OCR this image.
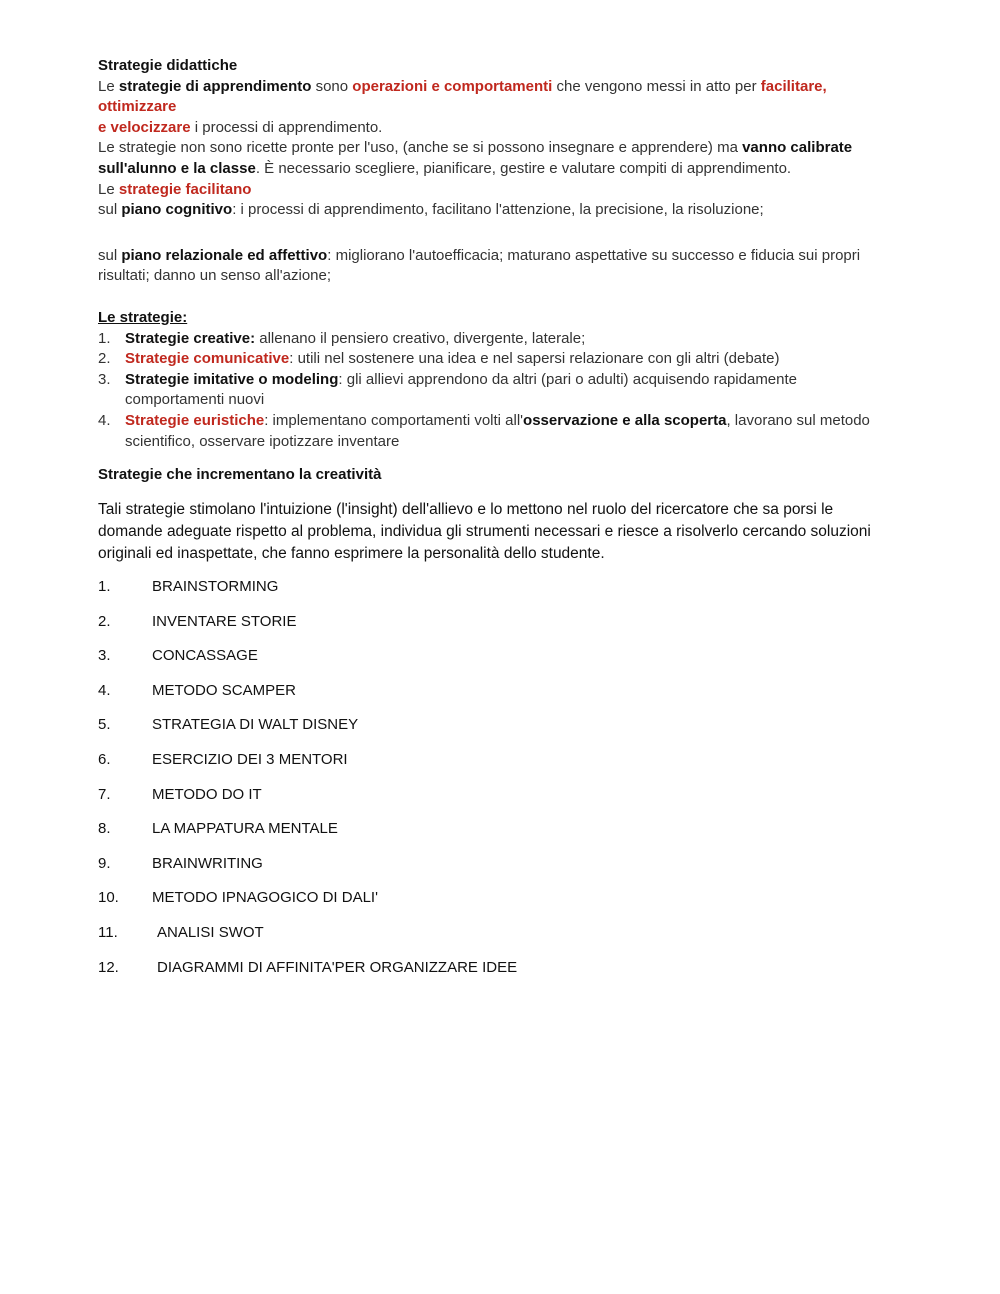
Strategie didattiche

Le strategie di apprendimento sono operazioni e comportamenti che vengono messi in atto per facilitare, ottimizzare
e velocizzare i processi di apprendimento.

Le strategie non sono ricette pronte per l'uso, (anche se si possono insegnare e apprendere) ma vanno calibrate
sull'alunno e la classe. È necessario scegliere, pianificare, gestire e valutare compiti di apprendimento.

Le strategie facilitano

sul piano cognitivo: i processi di apprendimento, facilitano l'attenzione, la precisione, la risoluzione;

sul piano relazionale ed affettivo: migliorano l'autoefficacia; maturano aspettative su successo e fiducia sui propri
risultati; danno un senso all'azione;

Le strategie:

1. Strategie creative: allenano il pensiero creativo, divergente, laterale;
2. Strategie comunicative: utili nel sostenere una idea e nel sapersi relazionare con gli altri (debate)
3. Strategie imitative o modeling: gli allievi apprendono da altri (pari o adulti) acquisendo rapidamente
comportamenti nuovi
4. Strategie euristiche: implementano comportamenti volti all'osservazione e alla scoperta, lavorano sul metodo
scientifico, osservare ipotizzare inventare

Strategie che incrementano la creatività

Tali strategie stimolano l'intuizione (l'insight) dell'allievo e lo mettono nel ruolo del ricercatore che sa porsi le
domande adeguate rispetto al problema, individua gli strumenti necessari e riesce a risolverlo cercando soluzioni
originali ed inaspettate, che fanno esprimere la personalità dello studente.

1.	BRAINSTORMING
2.	INVENTARE STORIE
3.	CONCASSAGE
4.	METODO SCAMPER
5.	STRATEGIA DI WALT DISNEY
6.	ESERCIZIO DEI 3 MENTORI
7.	METODO DO IT
8.	LA MAPPATURA MENTALE
9.	BRAINWRITING
10. METODO IPNAGOGICO DI DALI'
11.	ANALISI SWOT
12.	DIAGRAMMI DI AFFINITA'PER ORGANIZZARE IDEE
